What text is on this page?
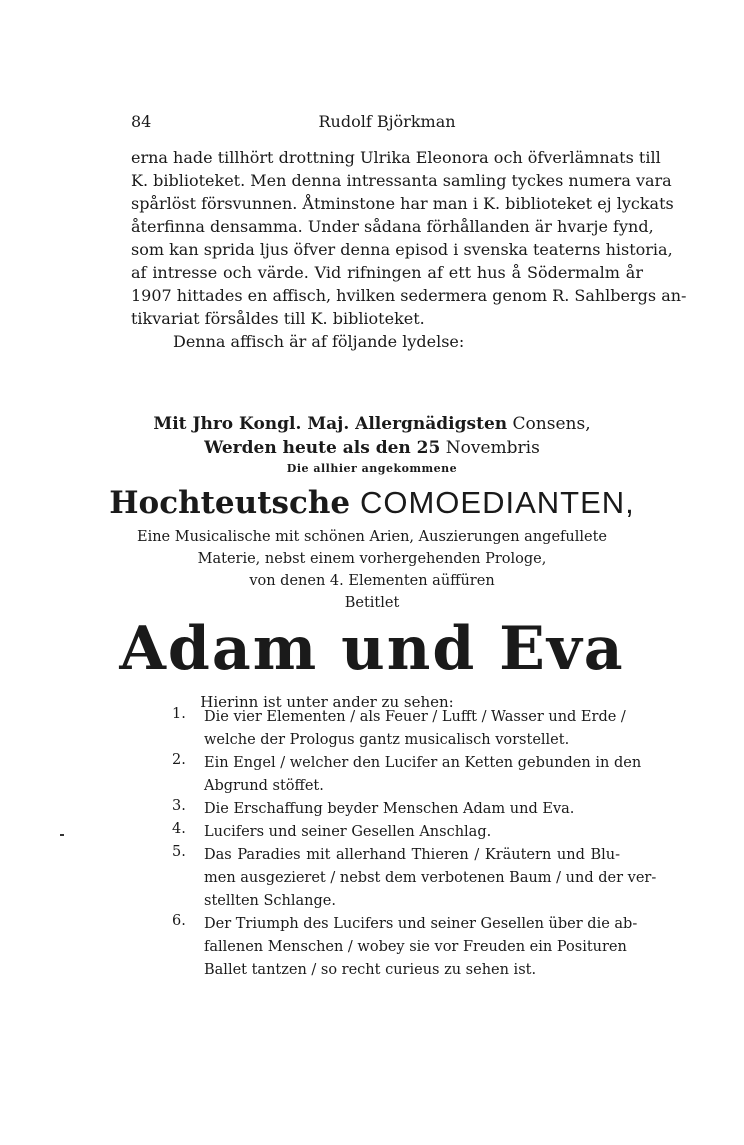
84	Rudolf Björkman
erna hade tillhört drottning Ulrika Eleonora och öfverlämnats till
K. biblioteket. Men denna intressanta samling tyckes numera vara
spårlöst försvunnen. Åtminstone har man i K. biblioteket ej lyckats
återfinna densamma. Under sådana förhållanden är hvarje fynd,
som kan sprida ljus öfver denna episod i svenska teaterns historia,
af intresse och värde. Vid rifningen af ett hus å Södermalm år
1907 hittades en affisch, hvilken sedermera genom R. Sahlbergs an-
tikvariat försåldes till K. biblioteket.
Denna affisch är af följande lydelse:
Mit Jhro Kongl. Maj. Allergnädigsten Consens,
Werden heute als den 25 Novembris
Die allhier angekommene
Hochteutsche COMOEDIANTEN,
Eine Musicalische mit schönen Arien, Auszierungen angefullete
Materie, nebst einem vorhergehenden Prologe,
von denen 4. Elementen aüffüren
Betitlet
Adam und Eva
Hierinn ist unter ander zu sehen:
1. Die vier Elementen / als Feuer / Lufft / Wasser und Erde /
welche der Prologus gantz musicalisch vorstellet.
2. Ein Engel / welcher den Lucifer an Ketten gebunden in den
Abgrund stöffet.
3. Die Erschaffung beyder Menschen Adam und Eva.
4. Lucifers und seiner Gesellen Anschlag.
5. Das Paradies mit allerhand Thieren / Kräutern und Blu-
men ausgezieret / nebst dem verbotenen Baum / und der ver-
stellten Schlange.
6. Der Triumph des Lucifers und seiner Gesellen über die ab-
fallenen Menschen / wobey sie vor Freuden ein Posituren
Ballet tantzen / so recht curieus zu sehen ist.
